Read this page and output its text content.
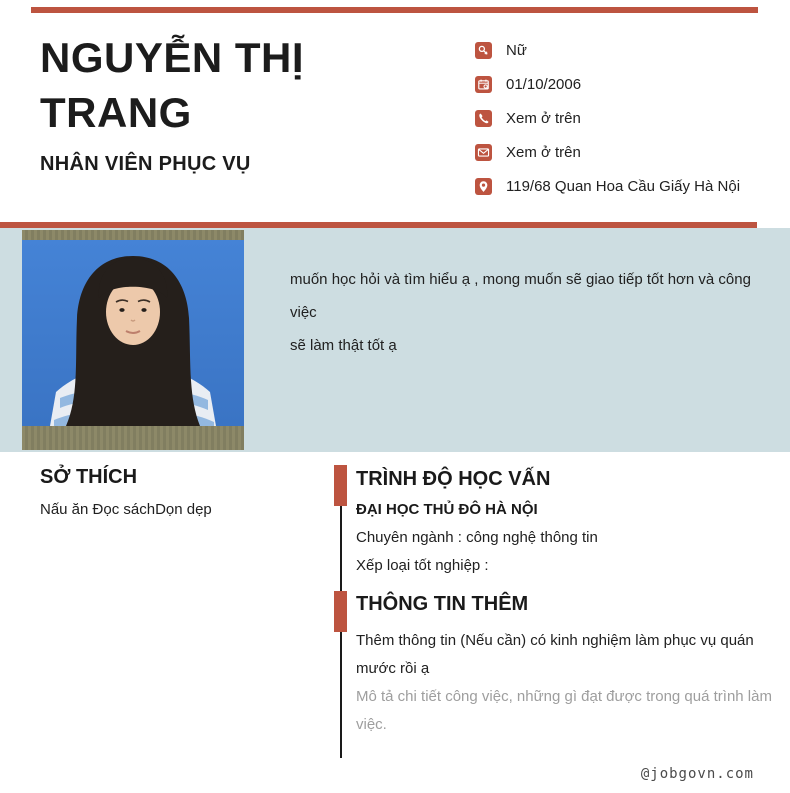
NGUYỄN THỊ TRANG
NHÂN VIÊN PHỤC VỤ
Nữ
01/10/2006
Xem ở trên
Xem ở trên
119/68 Quan Hoa Cầu Giấy Hà Nội
muốn học hỏi và tìm hiểu ạ , mong muốn sẽ giao tiếp tốt hơn và công việc
sẽ làm thật tốt ạ
SỞ THÍCH
Nấu ăn Đọc sáchDọn dẹp
TRÌNH ĐỘ HỌC VẤN
ĐẠI HỌC THỦ ĐÔ HÀ NỘI
Chuyên ngành : công nghệ thông tin
Xếp loại tốt nghiệp :
THÔNG TIN THÊM
Thêm thông tin (Nếu cần) có kinh nghiệm làm phục vụ quán
mước rồi ạ
Mô tả chi tiết công việc, những gì đạt được trong quá trình làm
việc.
@jobgovn.com
